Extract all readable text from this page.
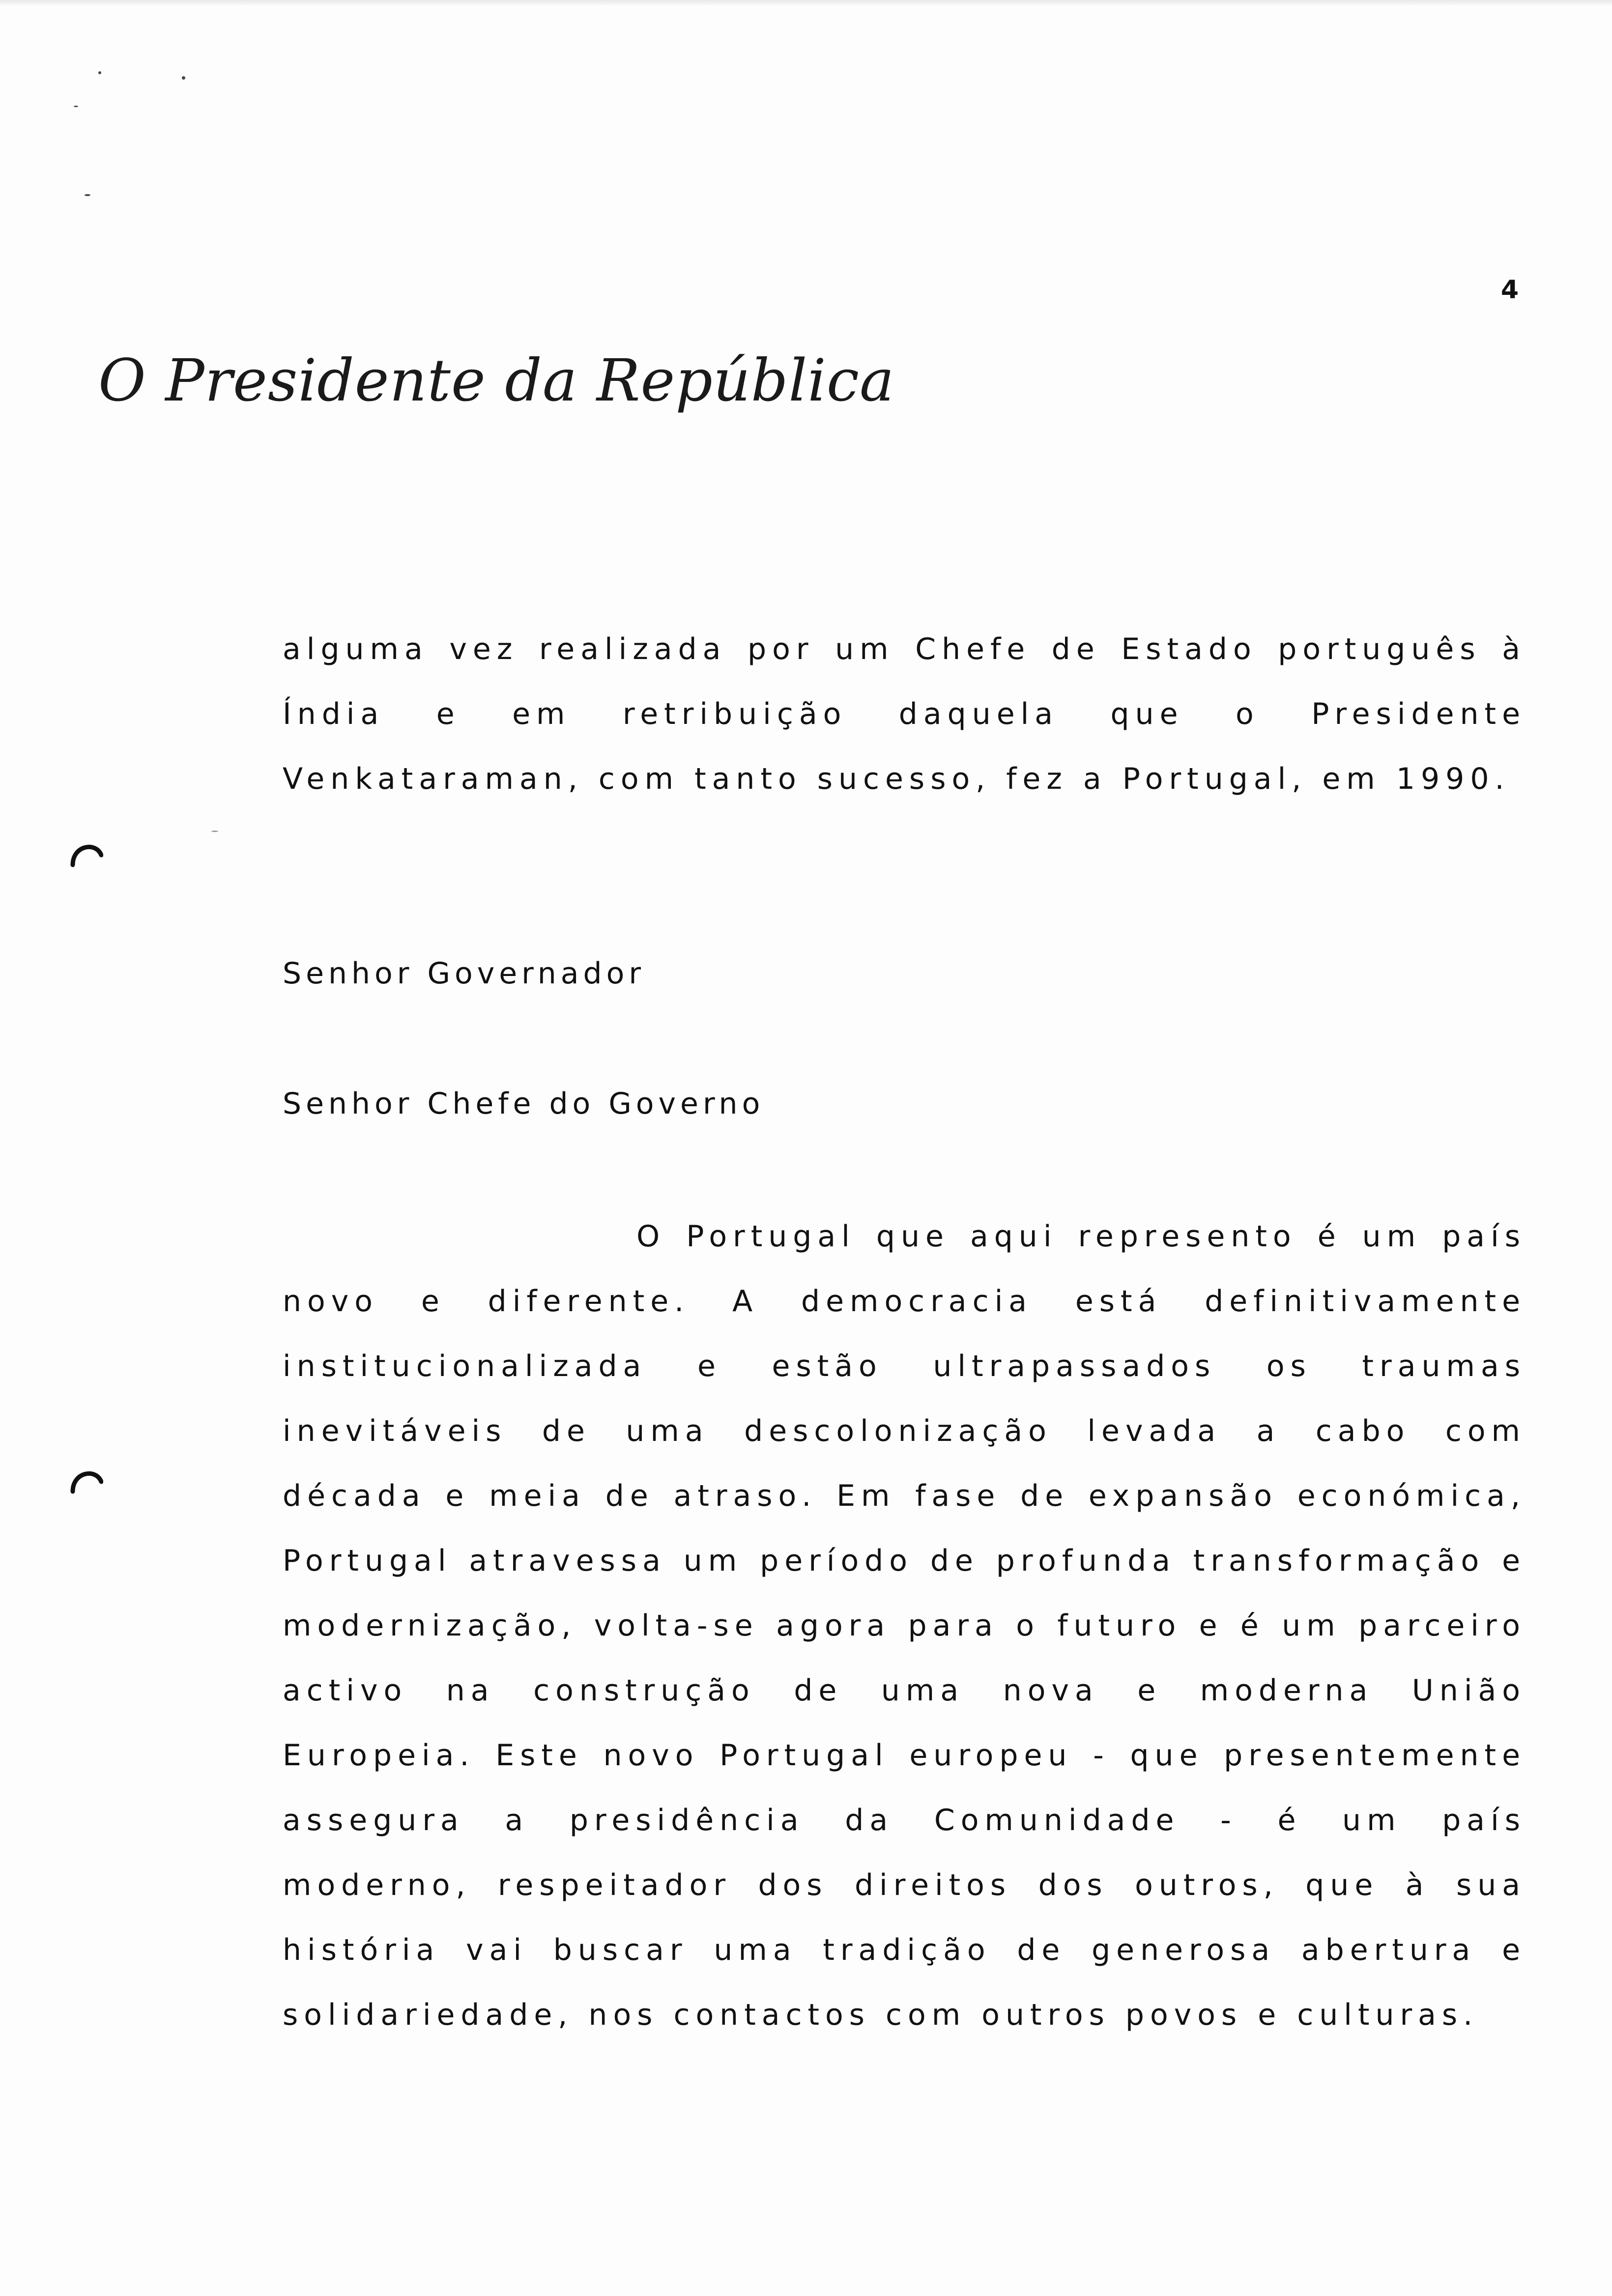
4
O Presidente da República
alguma vez realizada por um Chefe de Estado português à Índia e em retribuição daquela que o Presidente Venkataraman, com tanto sucesso, fez a Portugal, em 1990.
Senhor Governador
Senhor Chefe do Governo
O Portugal que aqui represento é um país novo e diferente. A democracia está definitivamente institucionalizada e estão ultrapassados os traumas inevitáveis de uma descolonização levada a cabo com década e meia de atraso. Em fase de expansão económica, Portugal atravessa um período de profunda transformação e modernização, volta-se agora para o futuro e é um parceiro activo na construção de uma nova e moderna União Europeia. Este novo Portugal europeu - que presentemente assegura a presidência da Comunidade - é um país moderno, respeitador dos direitos dos outros, que à sua história vai buscar uma tradição de generosa abertura e solidariedade, nos contactos com outros povos e culturas.
